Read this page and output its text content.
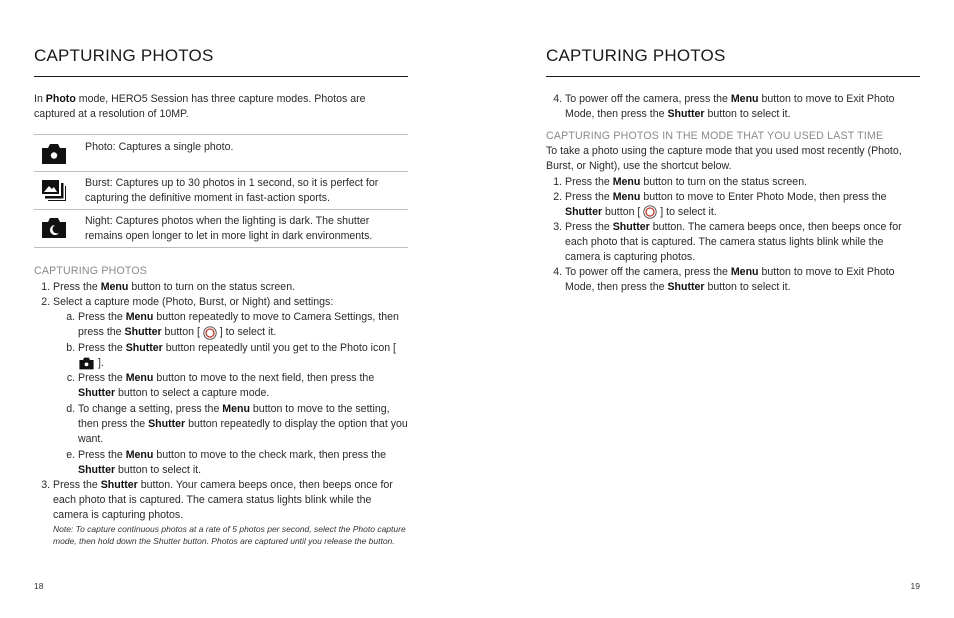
CAPTURING PHOTOS
In Photo mode, HERO5 Session has three capture modes. Photos are captured at a resolution of 10MP.
Photo: Captures a single photo.
Burst: Captures up to 30 photos in 1 second, so it is perfect for capturing the definitive moment in fast-action sports.
Night: Captures photos when the lighting is dark. The shutter remains open longer to let in more light in dark environments.
CAPTURING PHOTOS
1. Press the Menu button to turn on the status screen.
2. Select a capture mode (Photo, Burst, or Night) and settings:
a. Press the Menu button repeatedly to move to Camera Settings, then press the Shutter button [  ] to select it.
b. Press the Shutter button repeatedly until you get to the Photo icon [  ].
c. Press the Menu button to move to the next field, then press the Shutter button to select a capture mode.
d. To change a setting, press the Menu button to move to the setting, then press the Shutter button repeatedly to display the option that you want.
e. Press the Menu button to move to the check mark, then press the Shutter button to select it.
3. Press the Shutter button. Your camera beeps once, then beeps once for each photo that is captured. The camera status lights blink while the camera is capturing photos.
Note: To capture continuous photos at a rate of 5 photos per second, select the Photo capture mode, then hold down the Shutter button. Photos are captured until you release the button.
18
CAPTURING PHOTOS
4. To power off the camera, press the Menu button to move to Exit Photo Mode, then press the Shutter button to select it.
CAPTURING PHOTOS IN THE MODE THAT YOU USED LAST TIME
To take a photo using the capture mode that you used most recently (Photo, Burst, or Night), use the shortcut below.
1. Press the Menu button to turn on the status screen.
2. Press the Menu button to move to Enter Photo Mode, then press the Shutter button [  ] to select it.
3. Press the Shutter button. The camera beeps once, then beeps once for each photo that is captured. The camera status lights blink while the camera is capturing photos.
4. To power off the camera, press the Menu button to move to Exit Photo Mode, then press the Shutter button to select it.
19
